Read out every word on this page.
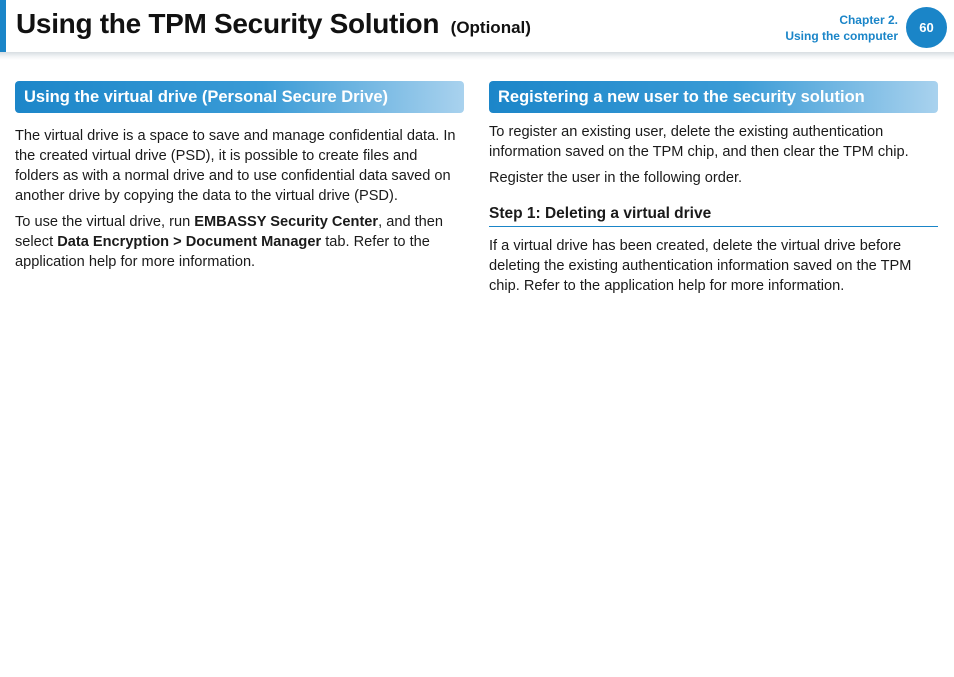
Using the TPM Security Solution (Optional)	Chapter 2.
Using the computer
60
Using the virtual drive (Personal Secure Drive)

The virtual drive is a space to save and manage confidential data. In the created virtual drive (PSD), it is possible to create files and folders as with a normal drive and to use confidential data saved on another drive by copying the data to the virtual drive (PSD).

To use the virtual drive, run EMBASSY Security Center, and then select Data Encryption > Document Manager tab. Refer to the application help for more information.

Registering a new user to the security solution

To register an existing user, delete the existing authentication information saved on the TPM chip, and then clear the TPM chip.

Register the user in the following order.

Step 1: Deleting a virtual drive

If a virtual drive has been created, delete the virtual drive before deleting the existing authentication information saved on the TPM chip. Refer to the application help for more information.
